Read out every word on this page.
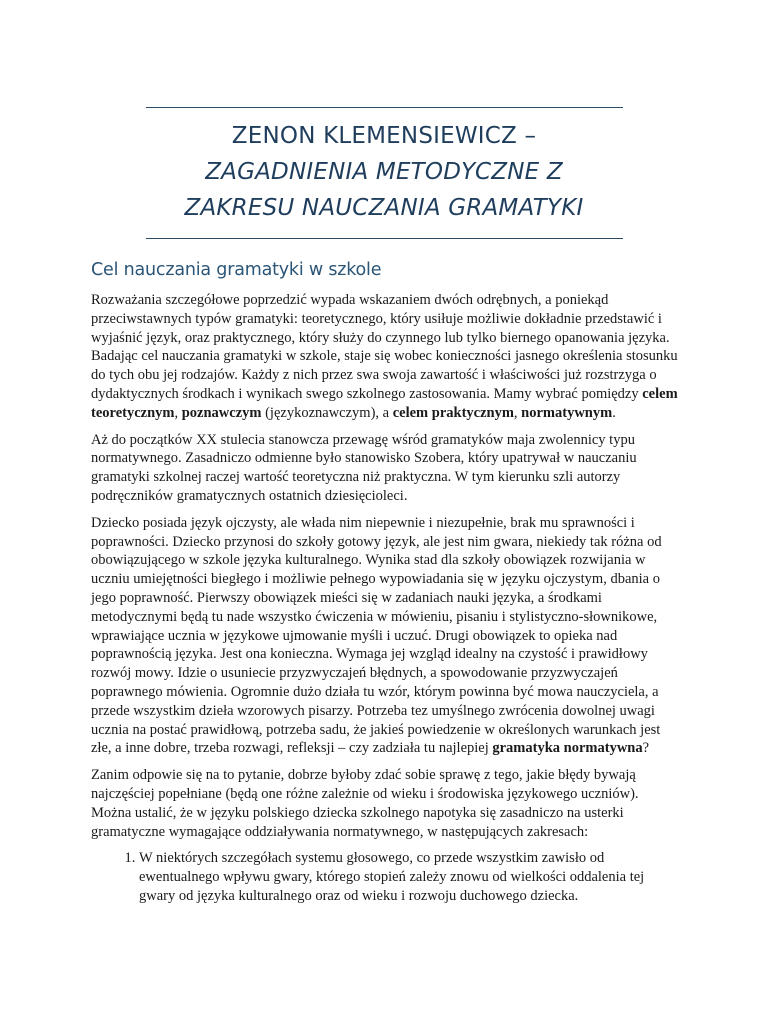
ZENON KLEMENSIEWICZ –
ZAGADNIENIA METODYCZNE Z
ZAKRESU NAUCZANIA GRAMATYKI
Cel nauczania gramatyki w szkole

Rozważania szczegółowe poprzedzić wypada wskazaniem dwóch odrębnych, a poniekąd przeciwstawnych typów gramatyki: teoretycznego, który usiłuje możliwie dokładnie przedstawić i wyjaśnić język, oraz praktycznego, który służy do czynnego lub tylko biernego opanowania języka. Badając cel nauczania gramatyki w szkole, staje się wobec konieczności jasnego określenia stosunku do tych obu jej rodzajów. Każdy z nich przez swa swoja zawartość i właściwości już rozstrzyga o dydaktycznych środkach i wynikach swego szkolnego zastosowania. Mamy wybrać pomiędzy celem teoretycznym, poznawczym (językoznawczym), a celem praktycznym, normatywnym.

Aż do początków XX stulecia stanowcza przewagę wśród gramatyków maja zwolennicy typu normatywnego. Zasadniczo odmienne było stanowisko Szobera, który upatrywał w nauczaniu gramatyki szkolnej raczej wartość teoretyczna niż praktyczna. W tym kierunku szli autorzy podręczników gramatycznych ostatnich dziesięcioleci.

Dziecko posiada język ojczysty, ale włada nim niepewnie i niezupełnie, brak mu sprawności i poprawności. Dziecko przynosi do szkoły gotowy język, ale jest nim gwara, niekiedy tak różna od obowiązującego w szkole języka kulturalnego. Wynika stad dla szkoły obowiązek rozwijania w uczniu umiejętności biegłego i możliwie pełnego wypowiadania się w języku ojczystym, dbania o jego poprawność. Pierwszy obowiązek mieści się w zadaniach nauki języka, a środkami metodycznymi będą tu nade wszystko ćwiczenia w mówieniu, pisaniu i stylistyczno-słownikowe, wprawiające ucznia w językowe ujmowanie myśli i uczuć. Drugi obowiązek to opieka nad poprawnością języka. Jest ona konieczna. Wymaga jej wzgląd idealny na czystość i prawidłowy rozwój mowy. Idzie o usuniecie przyzwyczajeń błędnych, a spowodowanie przyzwyczajeń poprawnego mówienia. Ogromnie dużo działa tu wzór, którym powinna być mowa nauczyciela, a przede wszystkim dzieła wzorowych pisarzy. Potrzeba tez umyślnego zwrócenia dowolnej uwagi ucznia na postać prawidłową, potrzeba sadu, że jakieś powiedzenie w określonych warunkach jest złe, a inne dobre, trzeba rozwagi, refleksji – czy zadziała tu najlepiej gramatyka normatywna?

Zanim odpowie się na to pytanie, dobrze byłoby zdać sobie sprawę z tego, jakie błędy bywają najczęściej popełniane (będą one różne zależnie od wieku i środowiska językowego uczniów). Można ustalić, że w języku polskiego dziecka szkolnego napotyka się zasadniczo na usterki gramatyczne wymagające oddziaływania normatywnego, w następujących zakresach:

1. W niektórych szczegółach systemu głosowego, co przede wszystkim zawisło od ewentualnego wpływu gwary, którego stopień zależy znowu od wielkości oddalenia tej gwary od języka kulturalnego oraz od wieku i rozwoju duchowego dziecka.
